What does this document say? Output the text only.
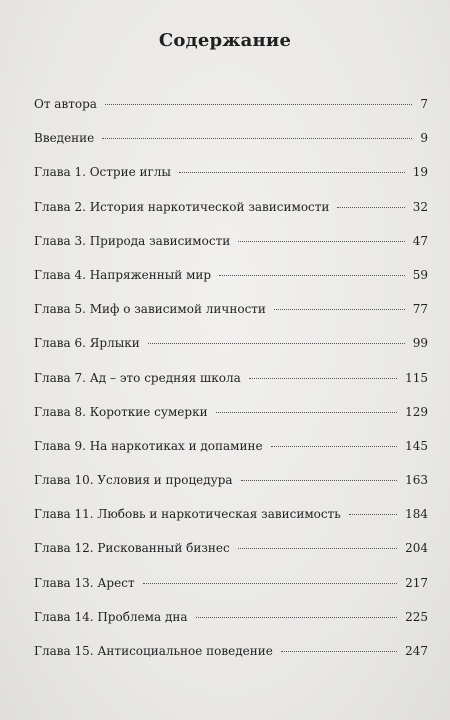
Содержание
От автора	7
Введение	9
Глава 1. Острие иглы	19
Глава 2. История наркотической зависимости	32
Глава 3. Природа зависимости	47
Глава 4. Напряженный мир	59
Глава 5. Миф о зависимой личности	77
Глава 6. Ярлыки	99
Глава 7. Ад – это средняя школа	115
Глава 8. Короткие сумерки	129
Глава 9. На наркотиках и допамине	145
Глава 10. Условия и процедура	163
Глава 11. Любовь и наркотическая зависимость	184
Глава 12. Рискованный бизнес	204
Глава 13. Арест	217
Глава 14. Проблема дна	225
Глава 15. Антисоциальное поведение	247
